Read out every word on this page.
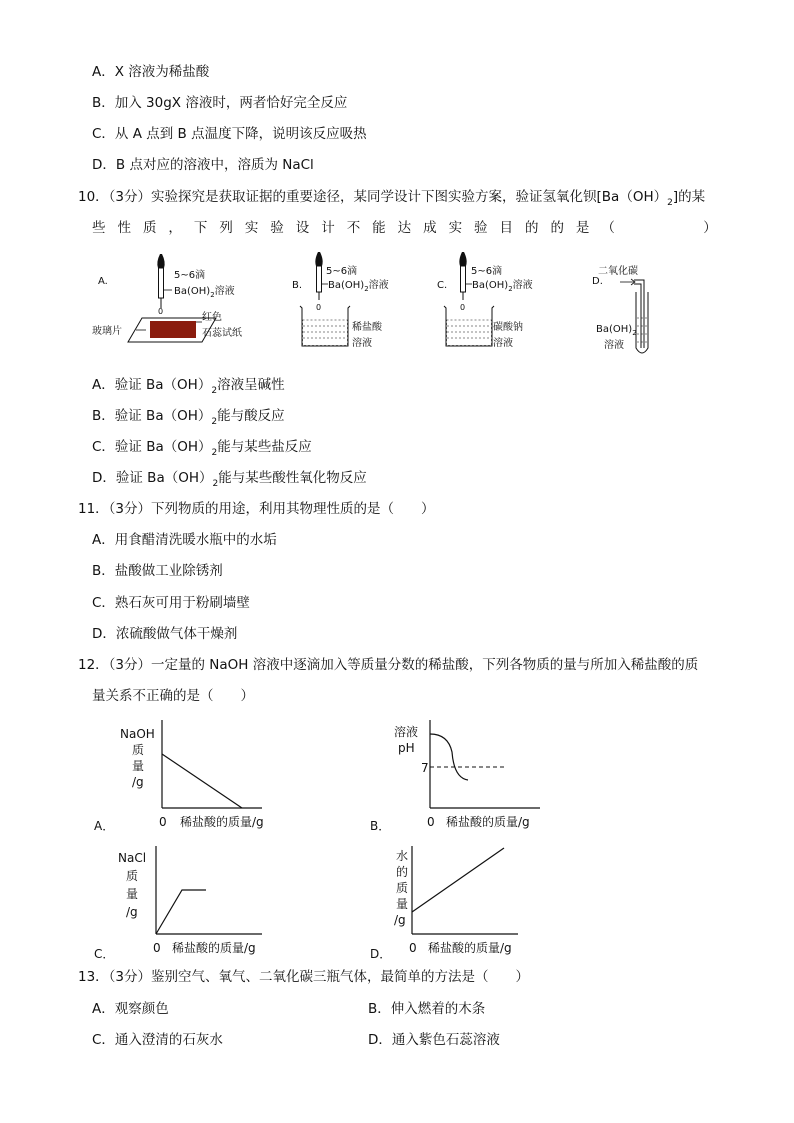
A．X 溶液为稀盐酸
B．加入 30gX 溶液时，两者恰好完全反应
C．从 A 点到 B 点温度下降，说明该反应吸热
D．B 点对应的溶液中，溶质为 NaCl
10．（3分）实验探究是获取证据的重要途径，某同学设计下图实验方案，验证氢氧化钡$[Ba(OH)_2]$的某
些 性 质 ， 下 列 实 验 设 计 不 能 达 成 实 验 目 的 的 是 （

　	）
A.
5~6滴
$Ba(OH)_2$溶液
0
红色
石蕊试纸
玻璃片
B.
5~6滴
$Ba(OH)_2$溶液
0
稀盐酸
溶液
C.
5~6滴
$Ba(OH)_2$溶液
0
碳酸钠
溶液
D.
二氧化碳
$Ba(OH)_2$
溶液
A．验证 $Ba(OH)_2$溶液呈碱性
B．验证 $Ba(OH)_2$能与酸反应
C．验证 $Ba(OH)_2$能与某些盐反应
D．验证 $Ba(OH)_2$能与某些酸性氧化物反应
11．（3分）下列物质的用途，利用其物理性质的是（　　）
A．用食醋清洗暖水瓶中的水垢
B．盐酸做工业除锈剂
C．熟石灰可用于粉刷墙壁
D．浓硫酸做气体干燥剂
12．（3分）一定量的 NaOH 溶液中逐滴加入等质量分数的稀盐酸，下列各物质的量与所加入稀盐酸的质
量关系不正确的是（　　）
A．
NaOH
质
量
/g
0 稀盐酸的质量/g	B．
溶液
pH
7
0 稀盐酸的质量/g
C．
NaCl
质
量
/g
0 稀盐酸的质量/g	D．
水
的
质
量
/g
0 稀盐酸的质量/g
13．（3分）鉴别空气、氧气、二氧化碳三瓶气体，最简单的方法是（　　）
A．观察颜色	B．伸入燃着的木条
C．通入澄清的石灰水	D．通入紫色石蕊溶液
